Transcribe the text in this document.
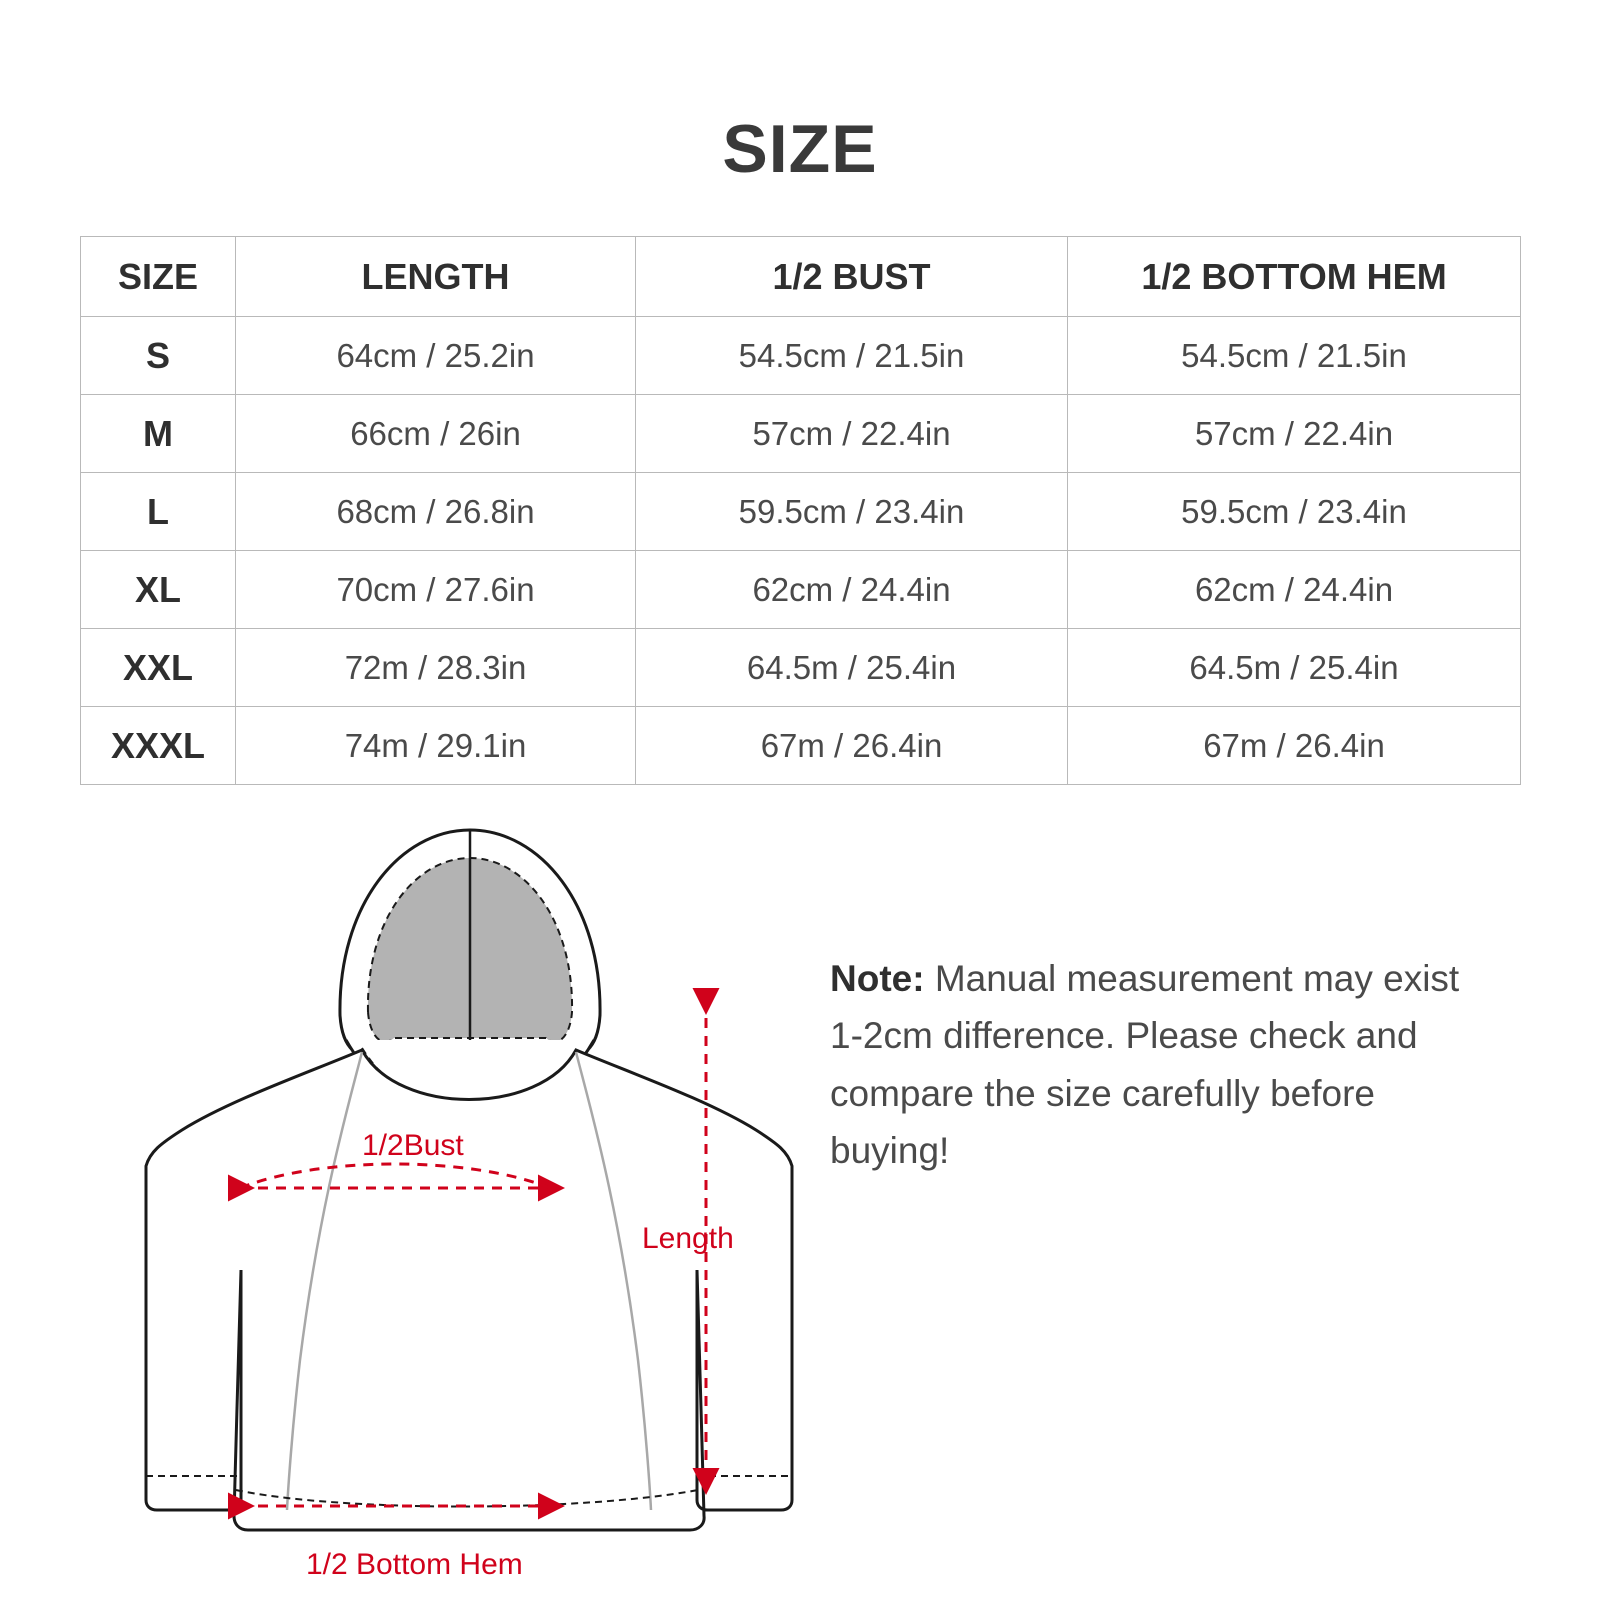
SIZE
SIZE	LENGTH	1/2 BUST	1/2 BOTTOM HEM
S	64cm / 25.2in	54.5cm / 21.5in	54.5cm / 21.5in
M	66cm / 26in	57cm / 22.4in	57cm / 22.4in
L	68cm / 26.8in	59.5cm / 23.4in	59.5cm / 23.4in
XL	70cm / 27.6in	62cm / 24.4in	62cm / 24.4in
XXL	72m / 28.3in	64.5m / 25.4in	64.5m / 25.4in
XXXL	74m / 29.1in	67m / 26.4in	67m / 26.4in
Note: Manual measurement may exist 1-2cm difference. Please check and compare the size carefully before buying!
1/2Bust
1/2 Bottom Hem
Length
